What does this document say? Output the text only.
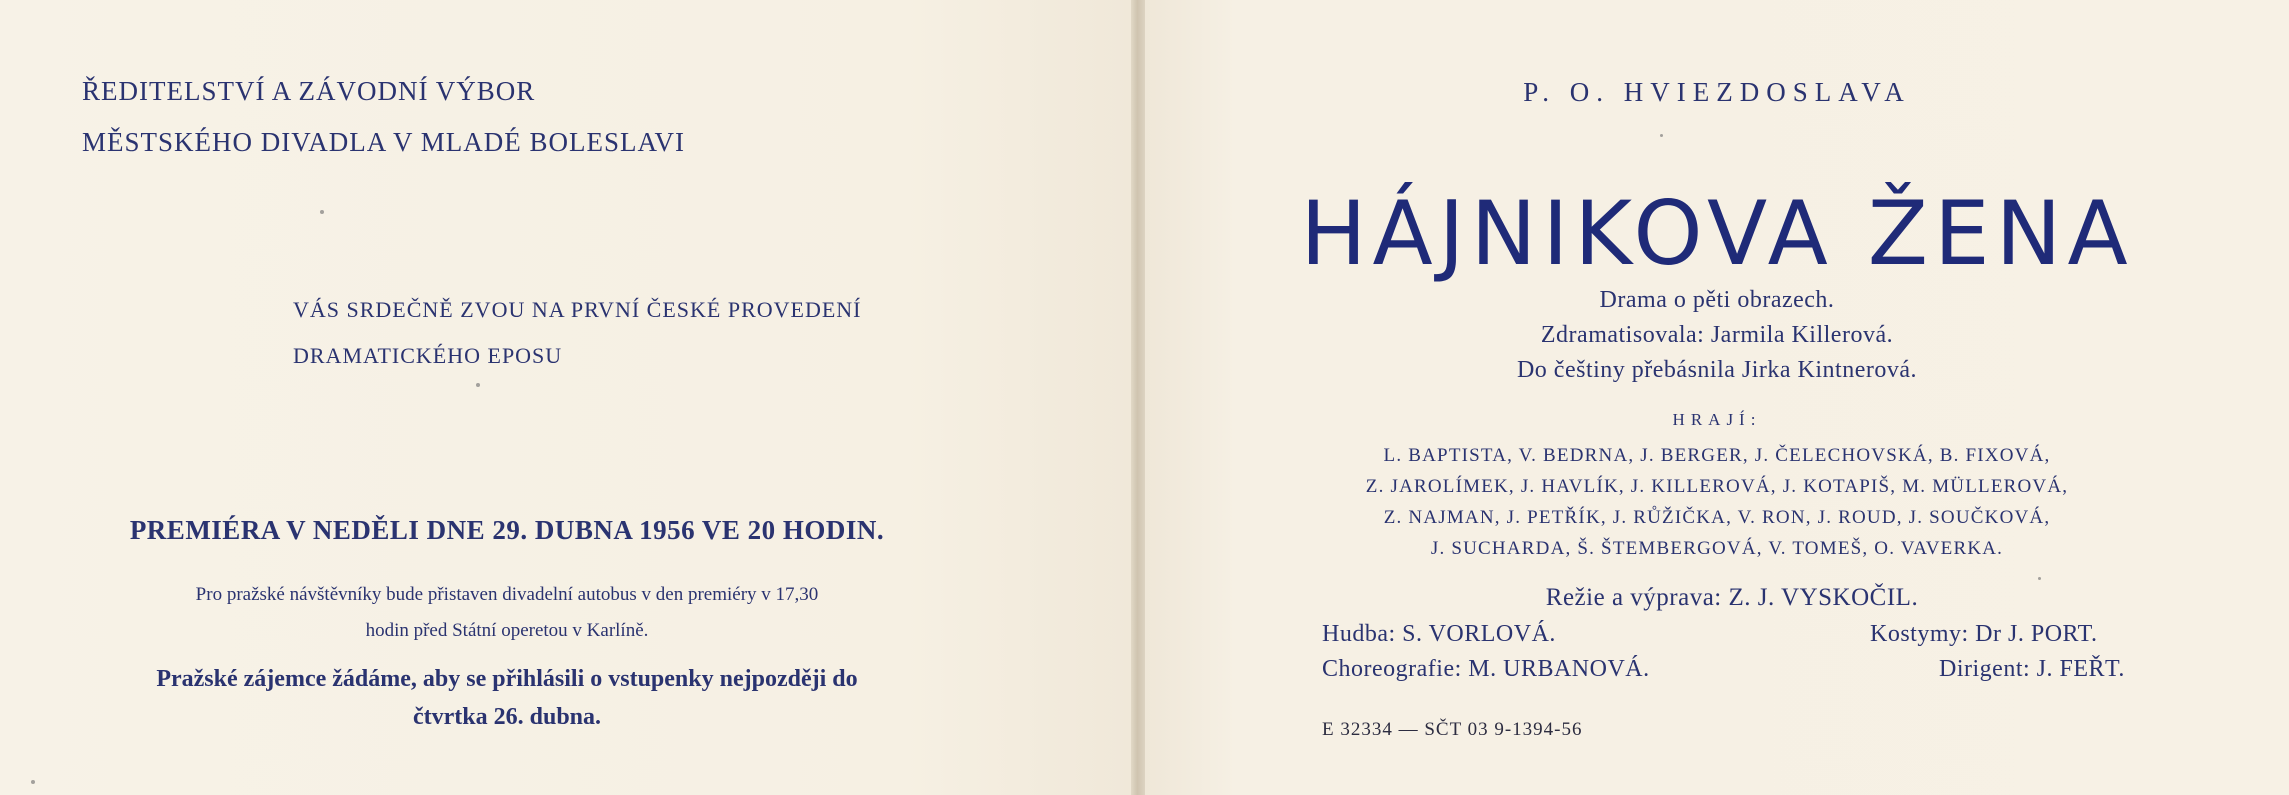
ŘEDITELSTVÍ A ZÁVODNÍ VÝBOR
MĚSTSKÉHO DIVADLA V MLADÉ BOLESLAVI
VÁS SRDEČNĚ ZVOU NA PRVNÍ ČESKÉ PROVEDENÍ
DRAMATICKÉHO EPOSU
PREMIÉRA V NEDĚLI DNE 29. DUBNA 1956 VE 20 HODIN.
Pro pražské návštěvníky bude přistaven divadelní autobus v den premiéry v 17,30
hodin před Státní operetou v Karlíně.
Pražské zájemce žádáme, aby se přihlásili o vstupenky nejpozději do
čtvrtka 26. dubna.
P. O. HVIEZDOSLAVA
HÁJNIKOVA ŽENA
Drama o pěti obrazech.
Zdramatisovala: Jarmila Killerová.
Do češtiny přebásnila Jirka Kintnerová.
HRAJÍ:
L. BAPTISTA, V. BEDRNA, J. BERGER, J. ČELECHOVSKÁ, B. FIXOVÁ,
Z. JAROLÍMEK, J. HAVLÍK, J. KILLEROVÁ, J. KOTAPIŠ, M. MÜLLEROVÁ,
Z. NAJMAN, J. PETŘÍK, J. RŮŽIČKA, V. RON, J. ROUD, J. SOUČKOVÁ,
J. SUCHARDA, Š. ŠTEMBERGOVÁ, V. TOMEŠ, O. VAVERKA.
Režie a výprava: Z. J. VYSKOČIL.
Hudba: S. VORLOVÁ.	Kostymy: Dr J. PORT.
Choreografie: M. URBANOVÁ.	Dirigent: J. FEŘT.
E 32334 — SČT 03 9-1394-56
